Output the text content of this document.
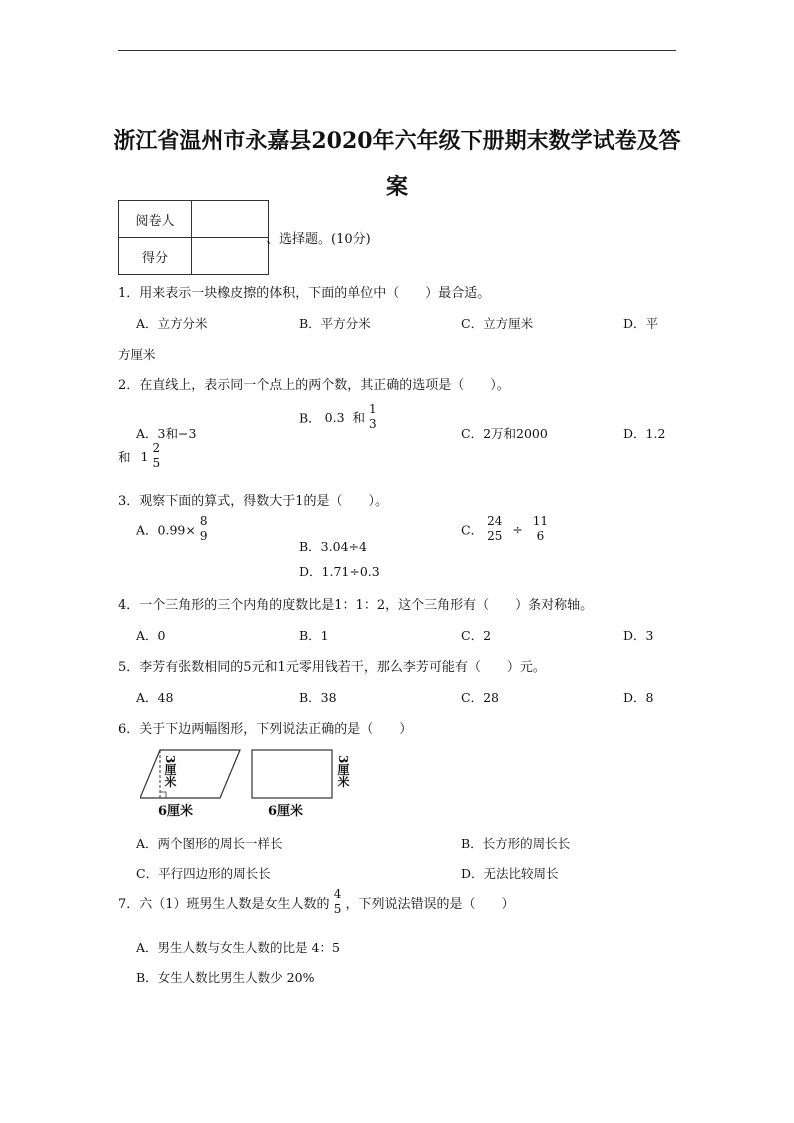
浙江省温州市永嘉县2020年六年级下册期末数学试卷及答
案
阅卷人	
得分	
、选择题。(10分)
1．用来表示一块橡皮擦的体积，下面的单位中（　　）最合适。
A．立方分米	B．平方分米	C．立方厘米	D．平
方厘米
2．在直线上，表示同一个点上的两个数，其正确的选项是（　　）。
A．3和−3
B． 0.3 和
1
3
C．2万和2000	D．1.2
和 1
2
5
3．观察下面的算式，得数大于1的是（　　）。
A．0.99×
8
9
B．3.04÷4
C．
24
25 ÷
11
6
D．1.71÷0.3
4．一个三角形的三个内角的度数比是1：1：2，这个三角形有（　　）条对称轴。
A．0	B．1	C．2	D．3
5．李芳有张数相同的5元和1元零用钱若干，那么李芳可能有（　　）元。
A．48	B．38	C．28	D．8
6．关于下边两幅图形，下列说法正确的是（　　）
3厘米
6厘米
3厘米
6厘米
A．两个图形的周长一样长	B．长方形的周长长
C．平行四边形的周长长	D．无法比较周长
7．六（1）班男生人数是女生人数的
4
5 ，下列说法错误的是（　　）
A．男生人数与女生人数的比是 4：5
B．女生人数比男生人数少 20%
